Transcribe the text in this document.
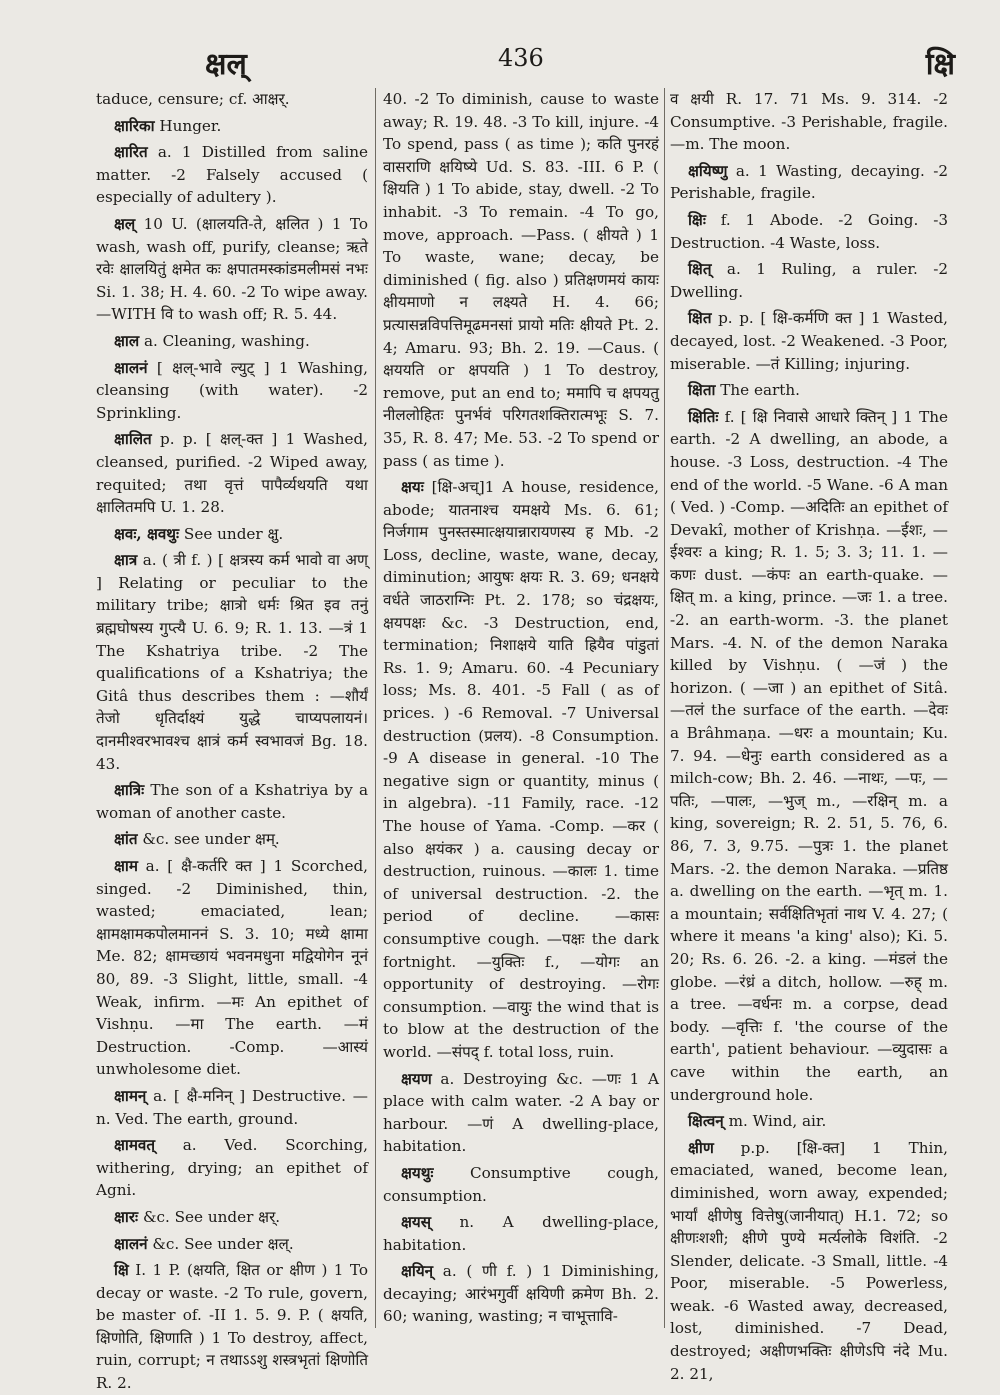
क्षल्	436	क्षि

taduce, censure; cf. आक्षर्.

क्षारिका Hunger.

क्षारित a. 1 Distilled from saline matter. -2 Falsely accused ( especially of adultery ).

क्षल् 10 U. (क्षालयति-ते, क्षलित ) 1 To wash, wash off, purify, cleanse; ऋते रवेः क्षालयितुं क्षमेत कः क्षपातमस्कांडमलीमसं नभः Si. 1. 38; H. 4. 60. -2 To wipe away. —WITH वि to wash off; R. 5. 44.

क्षाल a. Cleaning, washing.

क्षालनं [ क्षल्-भावे ल्युट् ] 1 Washing, cleansing (with water). -2 Sprinkling.

क्षालित p. p. [ क्षल्-क्त ] 1 Washed, cleansed, purified. -2 Wiped away, requited; तथा वृत्तं पापैर्व्यथयति यथा क्षालितमपि U. 1. 28.

क्षवः, क्षवथुः See under क्षु.

क्षात्र a. ( त्री f. ) [ क्षत्रस्य कर्म भावो वा अण् ] Relating or peculiar to the military tribe; क्षात्रो धर्मः श्रित इव तनुं ब्रह्मघोषस्य गुप्त्यै U. 6. 9; R. 1. 13. —त्रं 1 The Kshatriya tribe. -2 The qualifications of a Kshatriya; the Gitâ thus describes them : —शौर्यं तेजो धृतिर्दाक्ष्यं युद्धे चाप्यपलायनं। दानमीश्वरभावश्च क्षात्रं कर्म स्वभावजं Bg. 18. 43.

क्षात्रिः The son of a Kshatriya by a woman of another caste.

क्षांत &c. see under क्षम्.

क्षाम a. [ क्षै-कर्तरि क्त ] 1 Scorched, singed. -2 Diminished, thin, wasted; emaciated, lean; क्षामक्षामकपोलमाननं S. 3. 10; मध्ये क्षामा Me. 82; क्षामच्छायं भवनमधुना मद्वियोगेन नूनं 80, 89. -3 Slight, little, small. -4 Weak, infirm. —मः An epithet of Vishṇu. —मा The earth. —मं Destruction. -Comp. —आस्यं unwholesome diet.

क्षामन् a. [ क्षै-मनिन् ] Destructive. —n. Ved. The earth, ground.

क्षामवत् a. Ved. Scorching, withering, drying; an epithet of Agni.

क्षारः &c. See under क्षर्.

क्षालनं &c. See under क्षल्.

क्षि I. 1 P. (क्षयति, क्षित or क्षीण ) 1 To decay or waste. -2 To rule, govern, be master of. -II 1. 5. 9. P. ( क्षयति, क्षिणोति, क्षिणाति ) 1 To destroy, affect, ruin, corrupt; न तथाऽऽशु शस्त्रभृतां क्षिणोति R. 2.

40. -2 To diminish, cause to waste away; R. 19. 48. -3 To kill, injure. -4 To spend, pass ( as time ); कति पुनरहं वासराणि क्षयिष्ये Ud. S. 83. -III. 6 P. ( क्षियति ) 1 To abide, stay, dwell. -2 To inhabit. -3 To remain. -4 To go, move, approach. —Pass. ( क्षीयते ) 1 To waste, wane; decay, be diminished ( fig. also ) प्रतिक्षणमयं कायः क्षीयमाणो न लक्ष्यते H. 4. 66; प्रत्यासन्नविपत्तिमूढमनसां प्रायो मतिः क्षीयते Pt. 2. 4; Amaru. 93; Bh. 2. 19. —Caus. ( क्षययति or क्षपयति ) 1 To destroy, remove, put an end to; ममापि च क्षपयतु नीललोहितः पुनर्भवं परिगतशक्तिरात्मभूः S. 7. 35, R. 8. 47; Me. 53. -2 To spend or pass ( as time ).

क्षयः [क्षि-अच्]1 A house, residence, abode; यातनाश्च यमक्षये Ms. 6. 61; निर्जगाम पुनस्तस्मात्क्षयान्नारायणस्य ह Mb. -2 Loss, decline, waste, wane, decay, diminution; आयुषः क्षयः R. 3. 69; धनक्षये वर्धते जाठराग्निः Pt. 2. 178; so चंद्रक्षयः, क्षयपक्षः &c. -3 Destruction, end, termination; निशाक्षये याति ह्रियैव पांडुतां Rs. 1. 9; Amaru. 60. -4 Pecuniary loss; Ms. 8. 401. -5 Fall ( as of prices. ) -6 Removal. -7 Universal destruction (प्रलय). -8 Consumption. -9 A disease in general. -10 The negative sign or quantity, minus ( in algebra). -11 Family, race. -12 The house of Yama. -Comp. —कर ( also क्षयंकर ) a. causing decay or destruction, ruinous. —कालः 1. time of universal destruction. -2. the period of decline. —कासः consumptive cough. —पक्षः the dark fortnight. —युक्तिः f., —योगः an opportunity of destroying. —रोगः consumption. —वायुः the wind that is to blow at the destruction of the world. —संपद् f. total loss, ruin.

क्षयण a. Destroying &c. —णः 1 A place with calm water. -2 A bay or harbour. —णं A dwelling-place, habitation.

क्षयथुः Consumptive cough, consumption.

क्षयस् n. A dwelling-place, habitation.

क्षयिन् a. ( णी f. ) 1 Diminishing, decaying; आरंभगुर्वी क्षयिणी क्रमेण Bh. 2. 60; waning, wasting; न चाभूत्तावि-

व क्षयी R. 17. 71 Ms. 9. 314. -2 Consumptive. -3 Perishable, fragile. —m. The moon.

क्षयिष्णु a. 1 Wasting, decaying. -2 Perishable, fragile.

क्षिः f. 1 Abode. -2 Going. -3 Destruction. -4 Waste, loss.

क्षित् a. 1 Ruling, a ruler. -2 Dwelling.

क्षित p. p. [ क्षि-कर्मणि क्त ] 1 Wasted, decayed, lost. -2 Weakened. -3 Poor, miserable. —तं Killing; injuring.

क्षिता The earth.

क्षितिः f. [ क्षि निवासे आधारे क्तिन् ] 1 The earth. -2 A dwelling, an abode, a house. -3 Loss, destruction. -4 The end of the world. -5 Wane. -6 A man ( Ved. ) -Comp. —अदितिः an epithet of Devakî, mother of Krishṇa. —ईशः, —ईश्वरः a king; R. 1. 5; 3. 3; 11. 1. —कणः dust. —कंपः an earth-quake. —क्षित् m. a king, prince. —जः 1. a tree. -2. an earth-worm. -3. the planet Mars. -4. N. of the demon Naraka killed by Vishṇu. ( —जं ) the horizon. ( —जा ) an epithet of Sitâ. —तलं the surface of the earth. —देवः a Brâhmaṇa. —धरः a mountain; Ku. 7. 94. —धेनुः earth considered as a milch-cow; Bh. 2. 46. —नाथः, —पः, —पतिः, —पालः, —भुज् m., —रक्षिन् m. a king, sovereign; R. 2. 51, 5. 76, 6. 86, 7. 3, 9.75. —पुत्रः 1. the planet Mars. -2. the demon Naraka. —प्रतिष्ठ a. dwelling on the earth. —भृत् m. 1. a mountain; सर्वक्षितिभृतां नाथ V. 4. 27; ( where it means 'a king' also); Ki. 5. 20; Rs. 6. 26. -2. a king. —मंडलं the globe. —रंध्रं a ditch, hollow. —रुह् m. a tree. —वर्धनः m. a corpse, dead body. —वृत्तिः f. 'the course of the earth', patient behaviour. —व्युदासः a cave within the earth, an underground hole.

क्षित्वन् m. Wind, air.

क्षीण p.p. [क्षि-क्त] 1 Thin, emaciated, waned, become lean, diminished, worn away, expended; भार्यां क्षीणेषु वित्तेषु(जानीयात्) H.1. 72; so क्षीणःशशी; क्षीणे पुण्ये मर्त्यलोके विशंति. -2 Slender, delicate. -3 Small, little. -4 Poor, miserable. -5 Powerless, weak. -6 Wasted away, decreased, lost, diminished. -7 Dead, destroyed; अक्षीणभक्तिः क्षीणेऽपि नंदे Mu. 2. 21,
